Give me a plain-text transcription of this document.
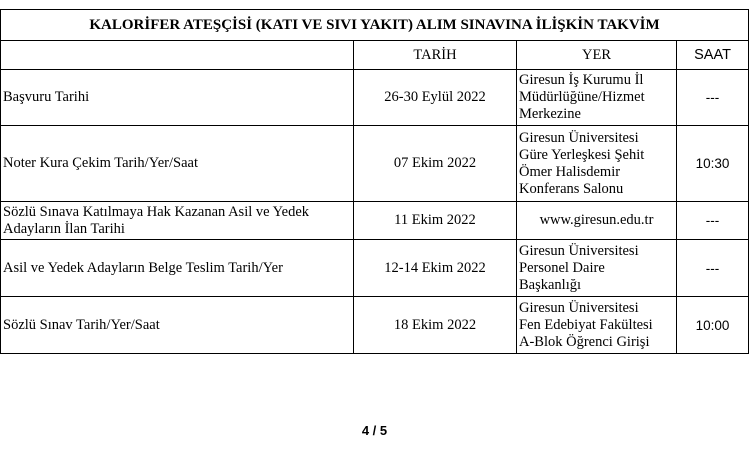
KALORİFER ATEŞÇİSİ (KATI VE SIVI YAKIT) ALIM SINAVINA İLİŞKİN TAKVİM			
	TARİH	YER	SAAT
Başvuru Tarihi	26-30 Eylül 2022	Giresun İş Kurumu İl
Müdürlüğüne/Hizmet
Merkezine	---
Noter Kura Çekim Tarih/Yer/Saat	07 Ekim 2022	Giresun Üniversitesi
Güre Yerleşkesi Şehit
Ömer Halisdemir
Konferans Salonu	10:30
Sözlü Sınava Katılmaya Hak Kazanan Asil ve Yedek Adayların İlan Tarihi	11 Ekim 2022	www.giresun.edu.tr	---
Asil ve Yedek Adayların Belge Teslim Tarih/Yer	12-14 Ekim 2022	Giresun Üniversitesi
Personel Daire
Başkanlığı	---
Sözlü Sınav Tarih/Yer/Saat	18 Ekim 2022	Giresun Üniversitesi
Fen Edebiyat Fakültesi
A-Blok Öğrenci Girişi	10:00
4 / 5
